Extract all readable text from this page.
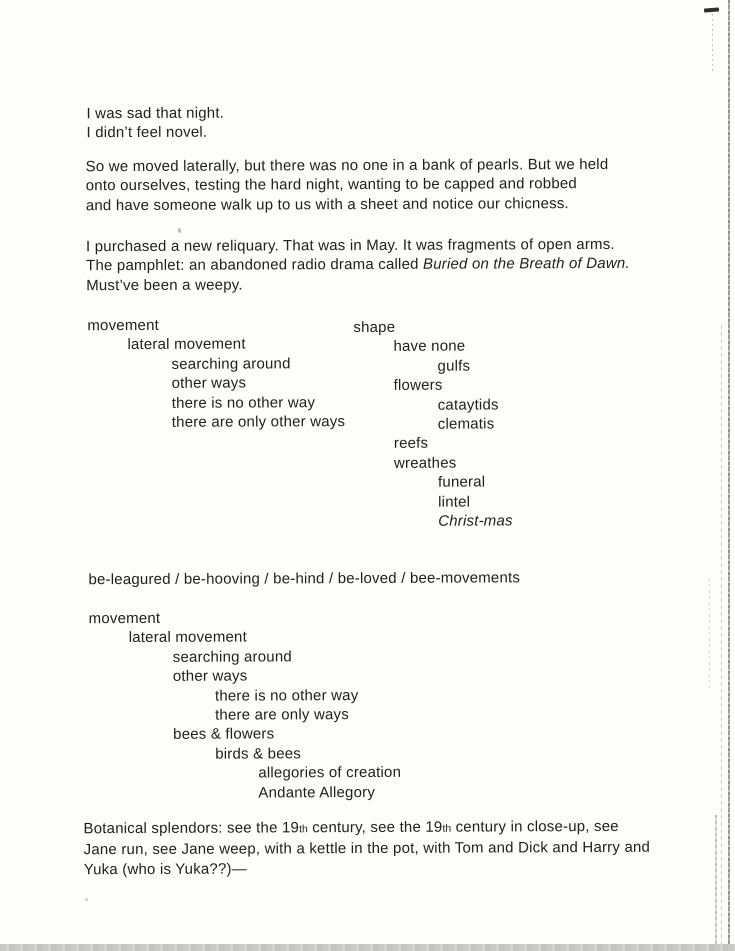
I was sad that night.
I didn’t feel novel.
So we moved laterally, but there was no one in a bank of pearls. But we held
onto ourselves, testing the hard night, wanting to be capped and robbed
and have someone walk up to us with a sheet and notice our chicness.
I purchased a new reliquary. That was in May. It was fragments of open arms.
The pamphlet: an abandoned radio drama called Buried on the Breath of Dawn.
Must’ve been a weepy.
movement
lateral movement
searching around
other ways
there is no other way
there are only other ways
shape
have none
gulfs
flowers
cataytids
clematis
reefs
wreathes
funeral
lintel
Christ-mas
be-leagured / be-hooving / be-hind / be-loved / bee-movements
movement
lateral movement
searching around
other ways
there is no other way
there are only ways
bees & flowers
birds & bees
allegories of creation
Andante Allegory
Botanical splendors: see the 19th century, see the 19th century in close-up, see
Jane run, see Jane weep, with a kettle in the pot, with Tom and Dick and Harry and
Yuka (who is Yuka??)—
